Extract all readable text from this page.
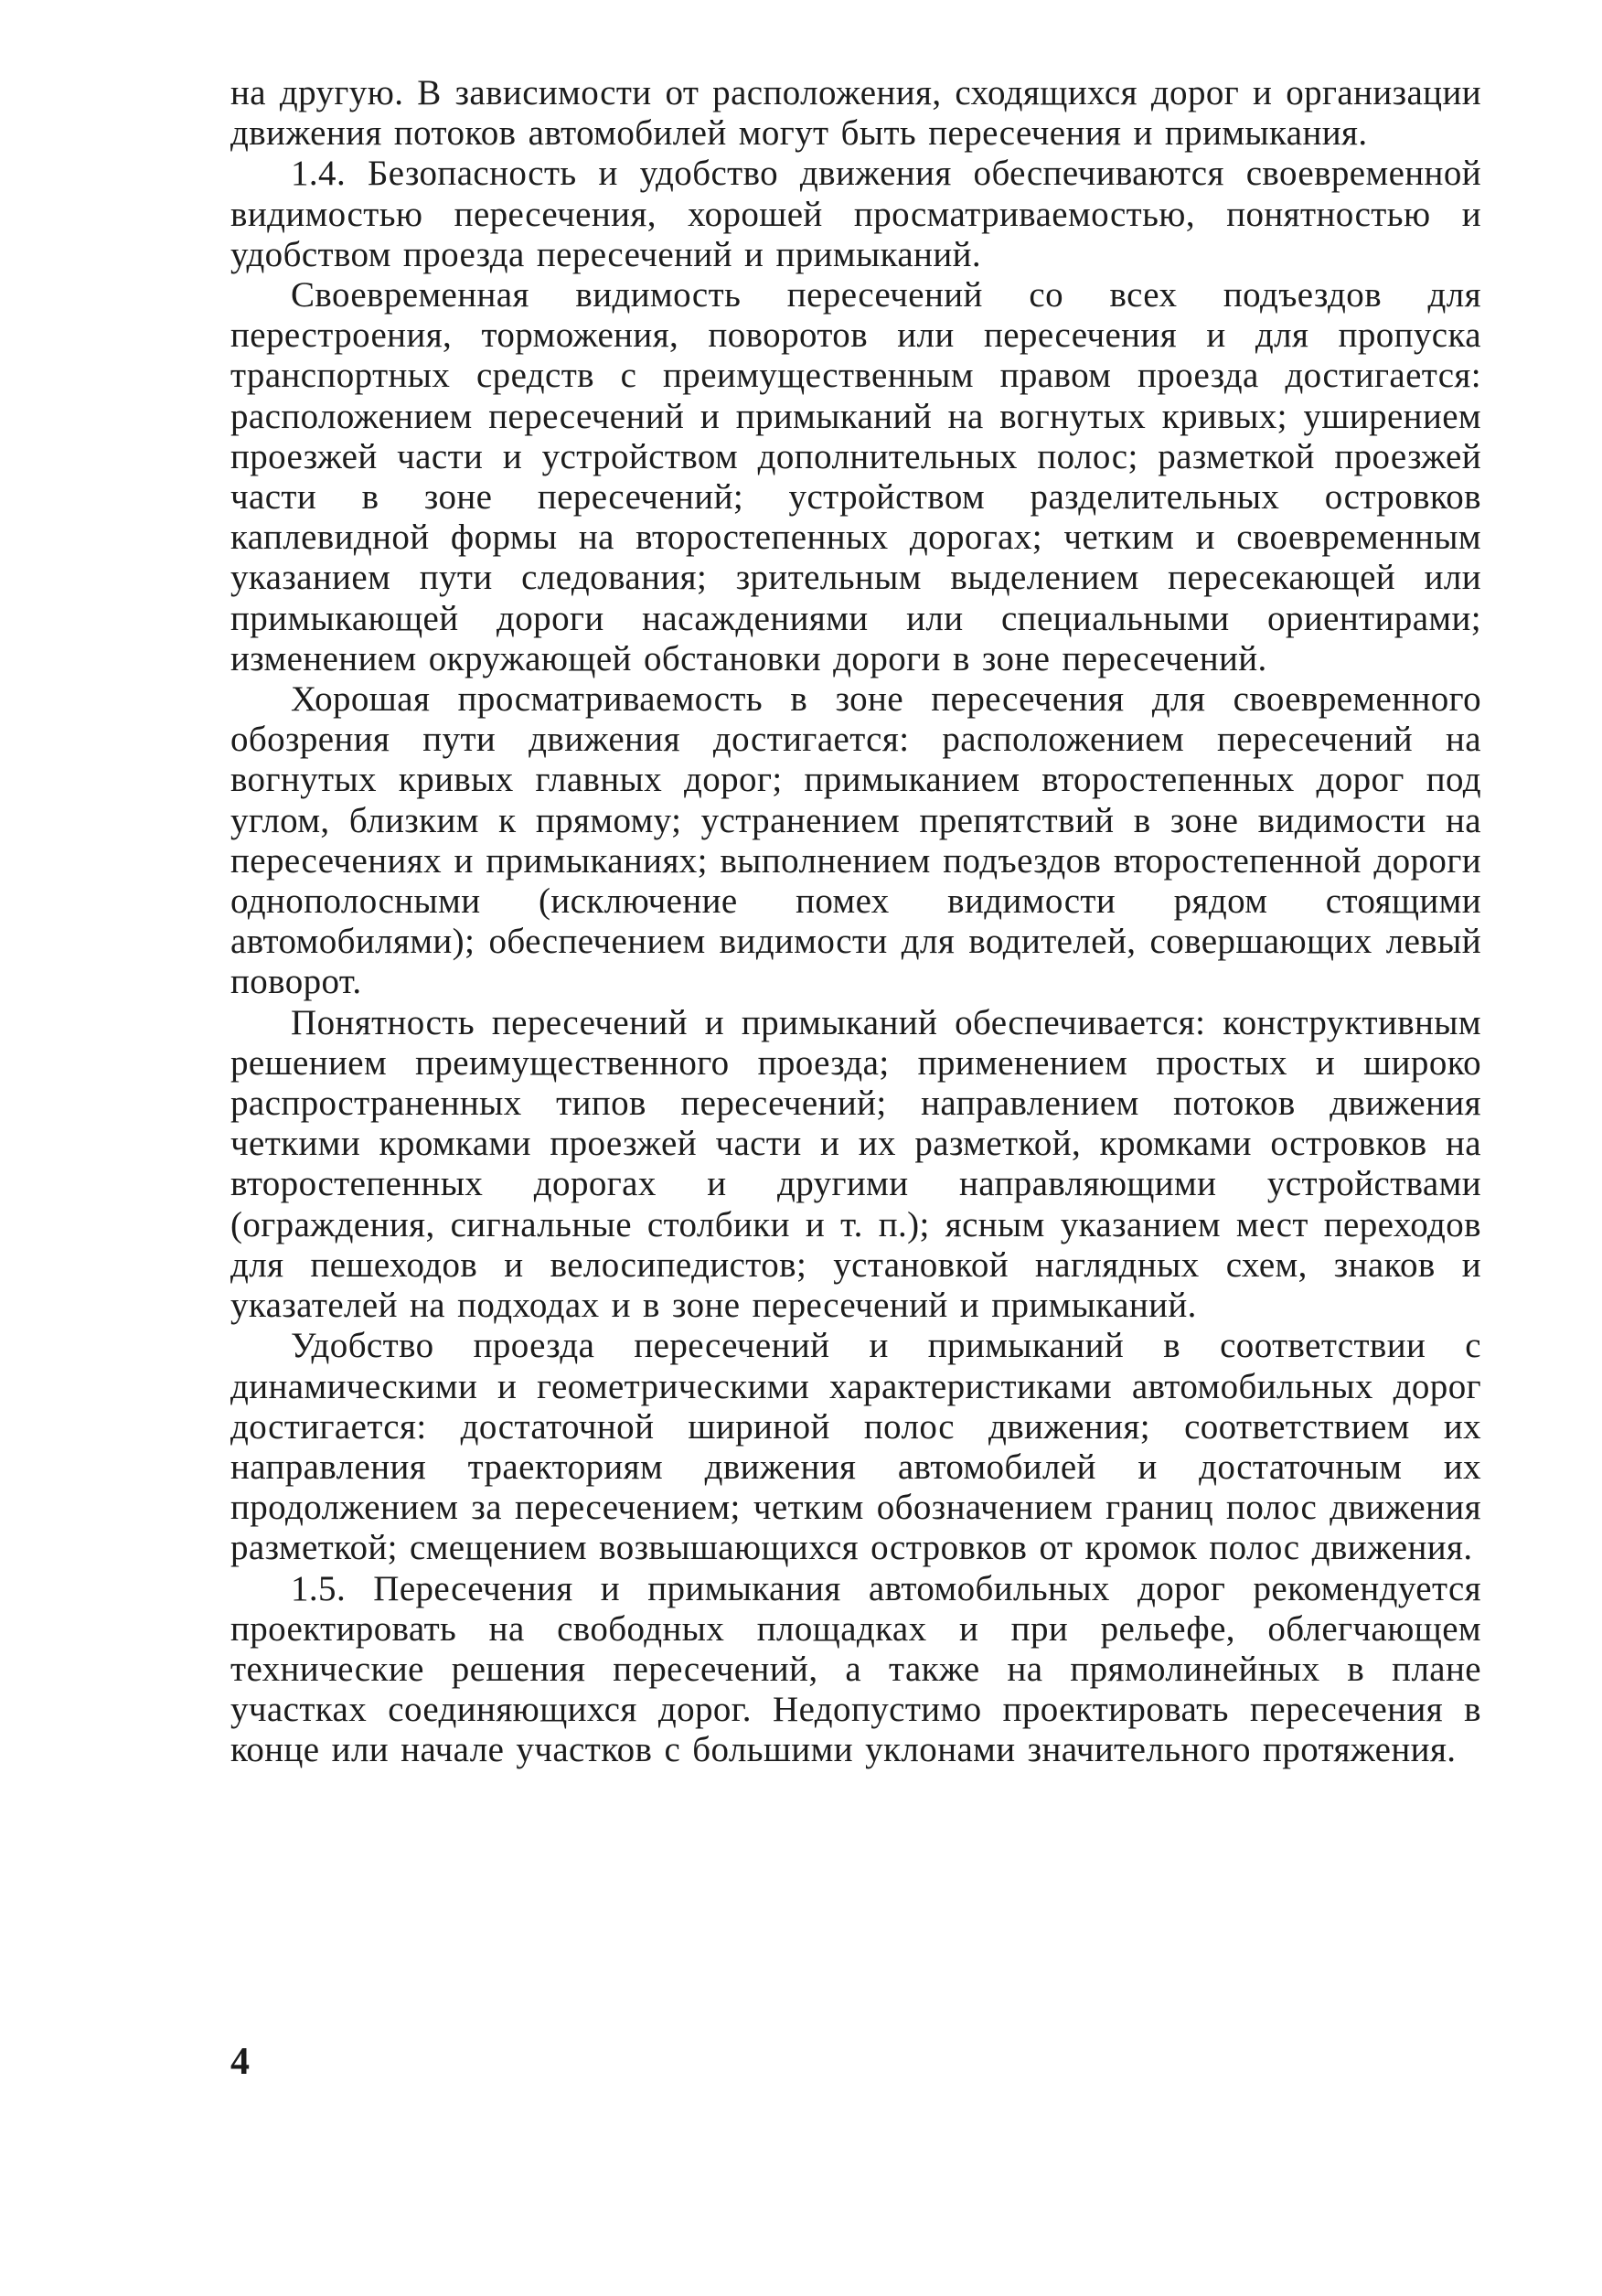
на другую. В зависимости от расположения, сходящихся дорог и организации движения потоков автомобилей могут быть пересечения и примыкания.

1.4. Безопасность и удобство движения обеспечиваются своевременной видимостью пересечения, хорошей просматриваемостью, понятностью и удобством проезда пересечений и примыканий.

Своевременная видимость пересечений со всех подъездов для перестроения, торможения, поворотов или пересечения и для пропуска транспортных средств с преимущественным правом проезда достигается: расположением пересечений и примыканий на вогнутых кривых; уширением проезжей части и устройством дополнительных полос; разметкой проезжей части в зоне пересечений; устройством разделительных островков каплевидной формы на второстепенных дорогах; четким и своевременным указанием пути следования; зрительным выделением пересекающей или примыкающей дороги насаждениями или специальными ориентирами; изменением окружающей обстановки дороги в зоне пересечений.

Хорошая просматриваемость в зоне пересечения для своевременного обозрения пути движения достигается: расположением пересечений на вогнутых кривых главных дорог; примыканием второстепенных дорог под углом, близким к прямому; устранением препятствий в зоне видимости на пересечениях и примыканиях; выполнением подъездов второстепенной дороги однополосными (исключение помех видимости рядом стоящими автомобилями); обеспечением видимости для водителей, совершающих левый поворот.

Понятность пересечений и примыканий обеспечивается: конструктивным решением преимущественного проезда; применением простых и широко распространенных типов пересечений; направлением потоков движения четкими кромками проезжей части и их разметкой, кромками островков на второстепенных дорогах и другими направляющими устройствами (ограждения, сигнальные столбики и т. п.); ясным указанием мест переходов для пешеходов и велосипедистов; установкой наглядных схем, знаков и указателей на подходах и в зоне пересечений и примыканий.

Удобство проезда пересечений и примыканий в соответствии с динамическими и геометрическими характеристиками автомобильных дорог достигается: достаточной шириной полос движения; соответствием их направления траекториям движения автомобилей и достаточным их продолжением за пересечением; четким обозначением границ полос движения разметкой; смещением возвышающихся островков от кромок полос движения.

1.5. Пересечения и примыкания автомобильных дорог рекомендуется проектировать на свободных площадках и при рельефе, облегчающем технические решения пересечений, а также на прямолинейных в плане участках соединяющихся дорог. Недопустимо проектировать пересечения в конце или начале участков с большими уклонами значительного протяжения.

4
